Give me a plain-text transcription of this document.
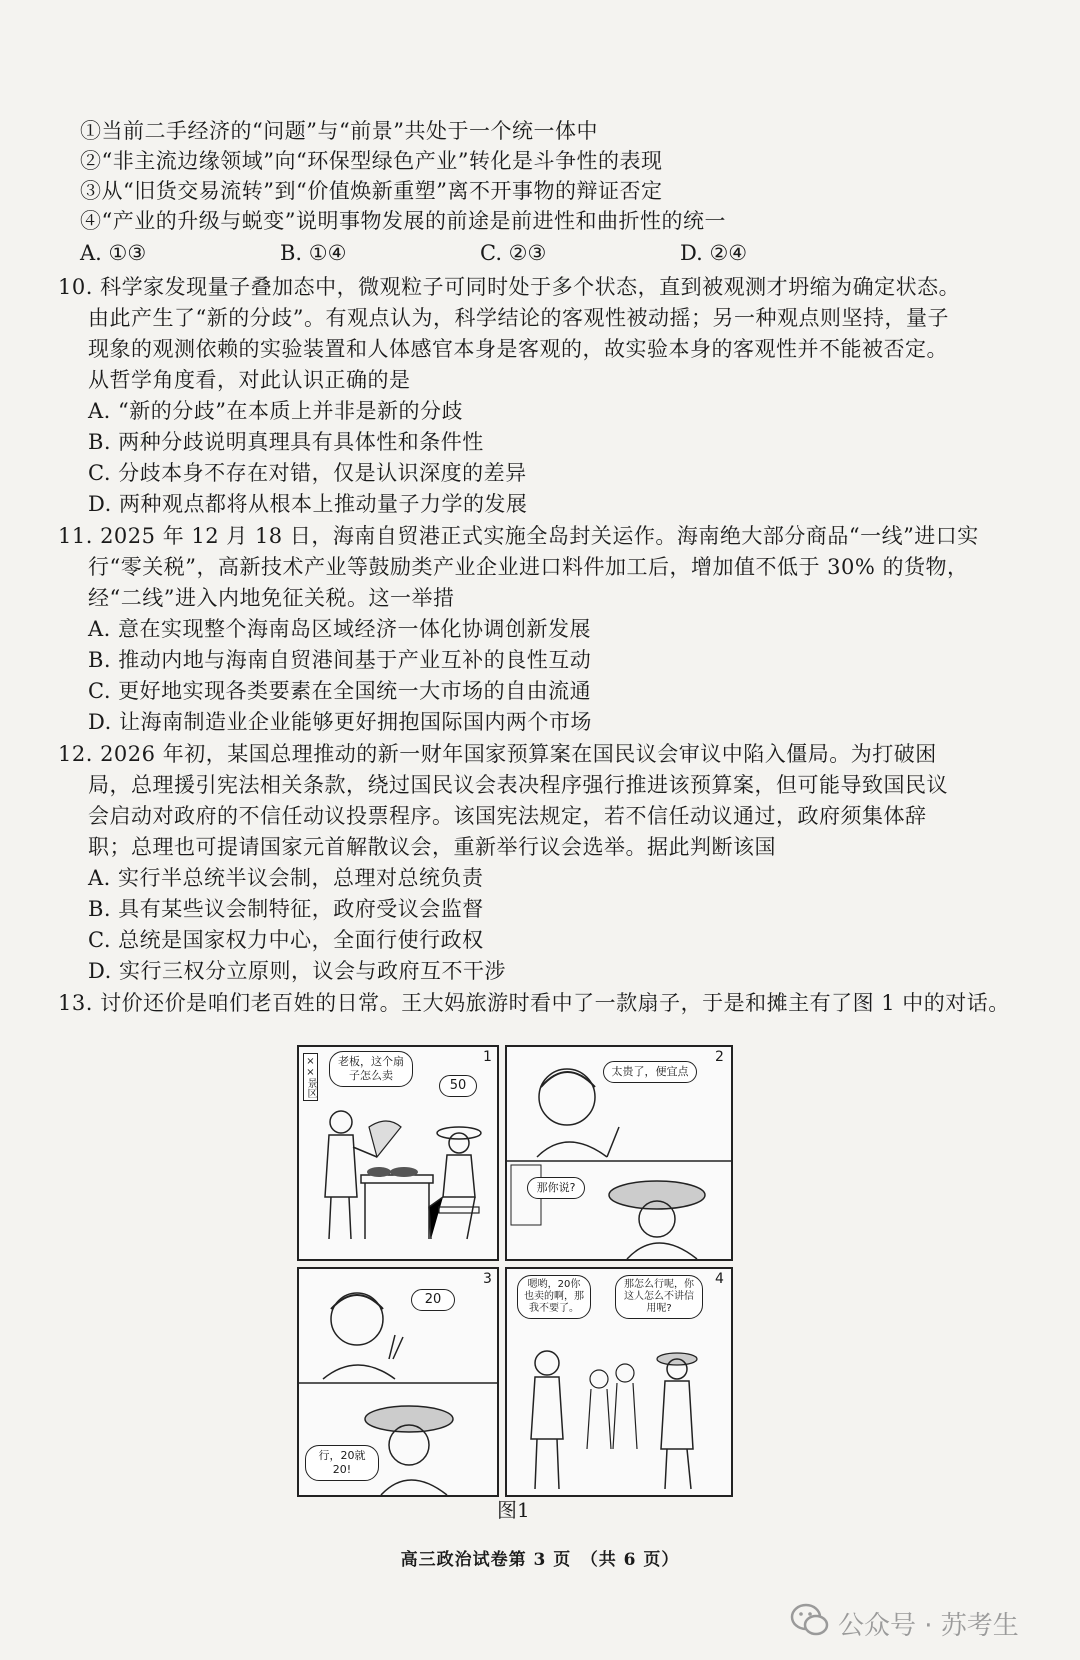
①当前二手经济的“问题”与“前景”共处于一个统一体中
②“非主流边缘领域”向“环保型绿色产业”转化是斗争性的表现
③从“旧货交易流转”到“价值焕新重塑”离不开事物的辩证否定
④“产业的升级与蜕变”说明事物发展的前途是前进性和曲折性的统一
A. ①③	B. ①④	C. ②③	D. ②④
10. 科学家发现量子叠加态中，微观粒子可同时处于多个状态，直到被观测才坍缩为确定状态。
由此产生了“新的分歧”。有观点认为，科学结论的客观性被动摇；另一种观点则坚持，量子
现象的观测依赖的实验装置和人体感官本身是客观的，故实验本身的客观性并不能被否定。
从哲学角度看，对此认识正确的是
A. “新的分歧”在本质上并非是新的分歧
B. 两种分歧说明真理具有具体性和条件性
C. 分歧本身不存在对错，仅是认识深度的差异
D. 两种观点都将从根本上推动量子力学的发展
11. 2025 年 12 月 18 日，海南自贸港正式实施全岛封关运作。海南绝大部分商品“一线”进口实
行“零关税”，高新技术产业等鼓励类产业企业进口料件加工后，增加值不低于 30% 的货物，
经“二线”进入内地免征关税。这一举措
A. 意在实现整个海南岛区域经济一体化协调创新发展
B. 推动内地与海南自贸港间基于产业互补的良性互动
C. 更好地实现各类要素在全国统一大市场的自由流通
D. 让海南制造业企业能够更好拥抱国际国内两个市场
12. 2026 年初，某国总理推动的新一财年国家预算案在国民议会审议中陷入僵局。为打破困
局，总理援引宪法相关条款，绕过国民议会表决程序强行推进该预算案，但可能导致国民议
会启动对政府的不信任动议投票程序。该国宪法规定，若不信任动议通过，政府须集体辞
职；总理也可提请国家元首解散议会，重新举行议会选举。据此判断该国
A. 实行半总统半议会制，总理对总统负责
B. 具有某些议会制特征，政府受议会监督
C. 总统是国家权力中心，全面行使行政权
D. 实行三权分立原则，议会与政府互不干涉
13. 讨价还价是咱们老百姓的日常。王大妈旅游时看中了一款扇子，于是和摊主有了图 1 中的对话。
××景区	老板，这个扇子怎么卖
50
1
太贵了，便宜点
那你说?
2
20
行，20就20!
3	嗯哟，20你也卖的啊，那我不要了。
那怎么行呢，你这人怎么不讲信用呢?
4
图1
高三政治试卷第 3 页　（共 6 页）
公众号 · 苏考生
